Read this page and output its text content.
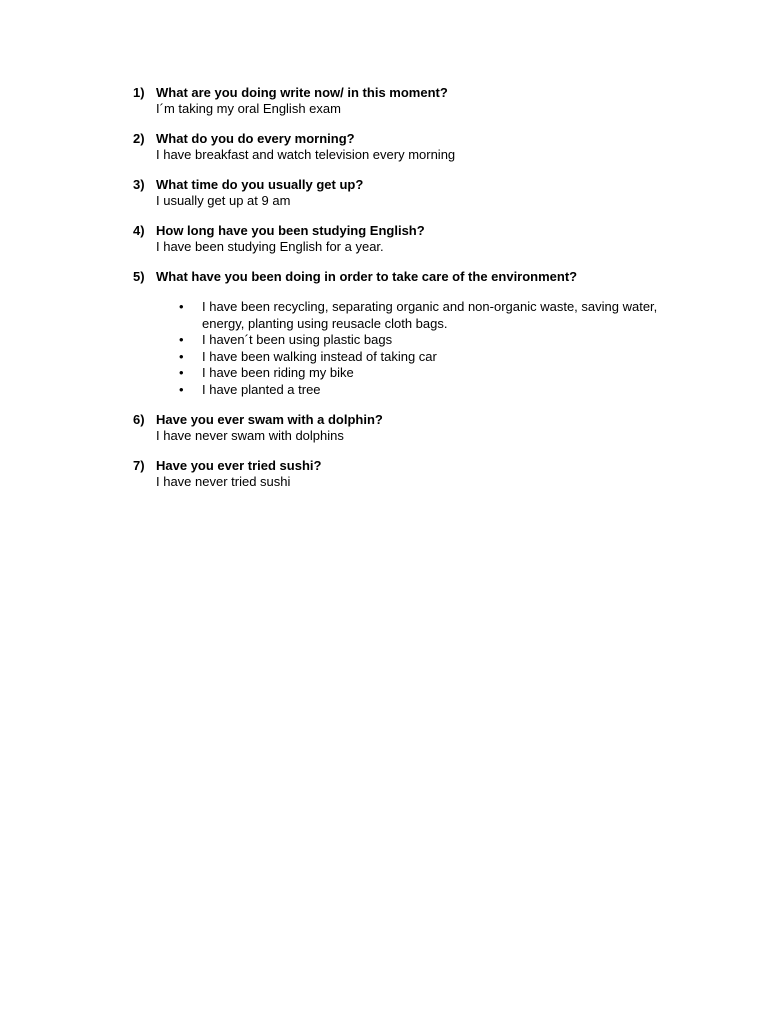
1) What are you doing write now/ in this moment?
I´m taking my oral English exam
2) What do you do every morning?
I have breakfast and watch television every morning
3) What time do you usually get up?
I usually get up at 9 am
4) How long have you been studying English?
I have been studying English for a year.
5) What have you been doing in order to take care of the environment?
• I have been recycling, separating organic and non-organic waste, saving water, energy, planting using reusacle cloth bags.
• I haven´t been using plastic bags
• I have been walking instead of taking car
• I have been riding my bike
• I have planted a tree
6) Have you ever swam with a dolphin?
I have never swam with dolphins
7) Have you ever tried sushi?
I have never tried sushi
